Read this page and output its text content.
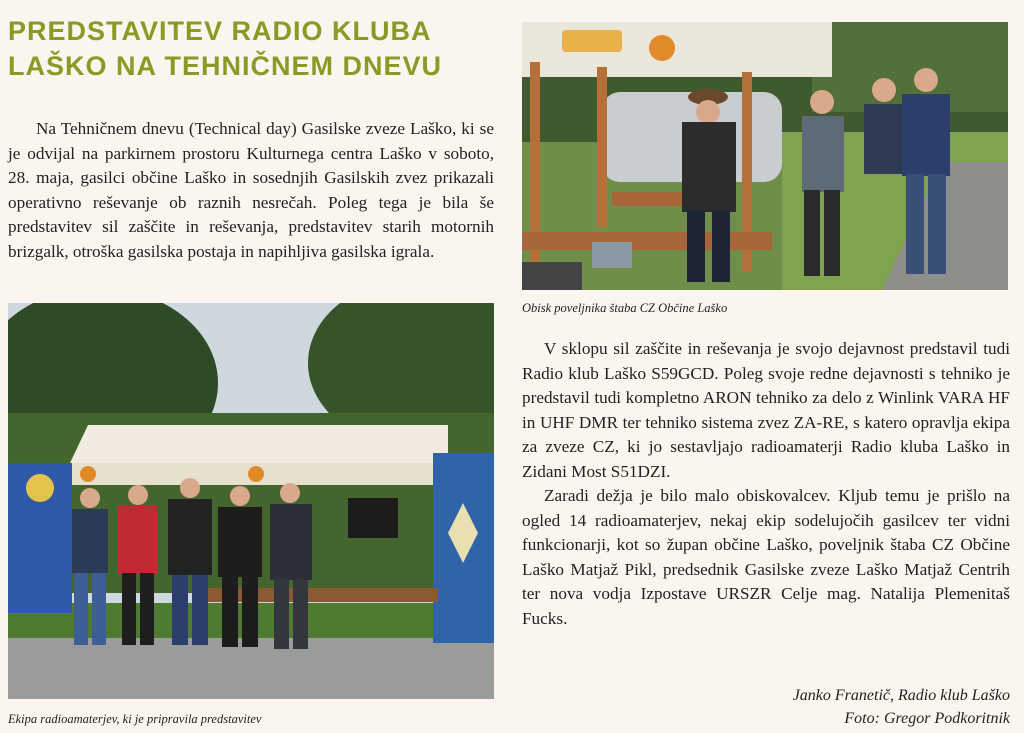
PREDSTAVITEV RADIO KLUBA
LAŠKO NA TEHNIČNEM DNEVU

Na Tehničnem dnevu (Technical day) Gasilske zveze Laško, ki se je odvijal na parkirnem prostoru Kulturnega centra Laško v soboto, 28. maja, gasilci občine Laško in sosednjih Gasilskih zvez prikazali operativno reševanje ob raznih nesrečah. Poleg tega je bila še predstavitev sil zaščite in reševanja, predstavitev starih motornih brizgalk, otroška gasilska postaja in napihljiva gasilska igrala.

Obisk poveljnika štaba CZ Občine Laško

Ekipa radioamaterjev, ki je pripravila predstavitev

V sklopu sil zaščite in reševanja je svojo dejavnost predstavil tudi Radio klub Laško S59GCD. Poleg svoje redne dejavnosti s tehniko je predstavil tudi kompletno ARON tehniko za delo z Winlink VARA HF in UHF DMR ter tehniko sistema zvez ZA-RE, s katero opravlja ekipa za zveze CZ, ki jo sestavljajo radioamaterji Radio kluba Laško in Zidani Most S51DZI.

Zaradi dežja je bilo malo obiskovalcev. Kljub temu je prišlo na ogled 14 radioamaterjev, nekaj ekip sodelujočih gasilcev ter vidni funkcionarji, kot so župan občine Laško, poveljnik štaba CZ Občine Laško Matjaž Pikl, predsednik Gasilske zveze Laško Matjaž Centrih ter nova vodja Izpostave URSZR Celje mag. Natalija Plemenitaš Fucks.

Janko Franetič, Radio klub Laško
Foto: Gregor Podkoritnik
